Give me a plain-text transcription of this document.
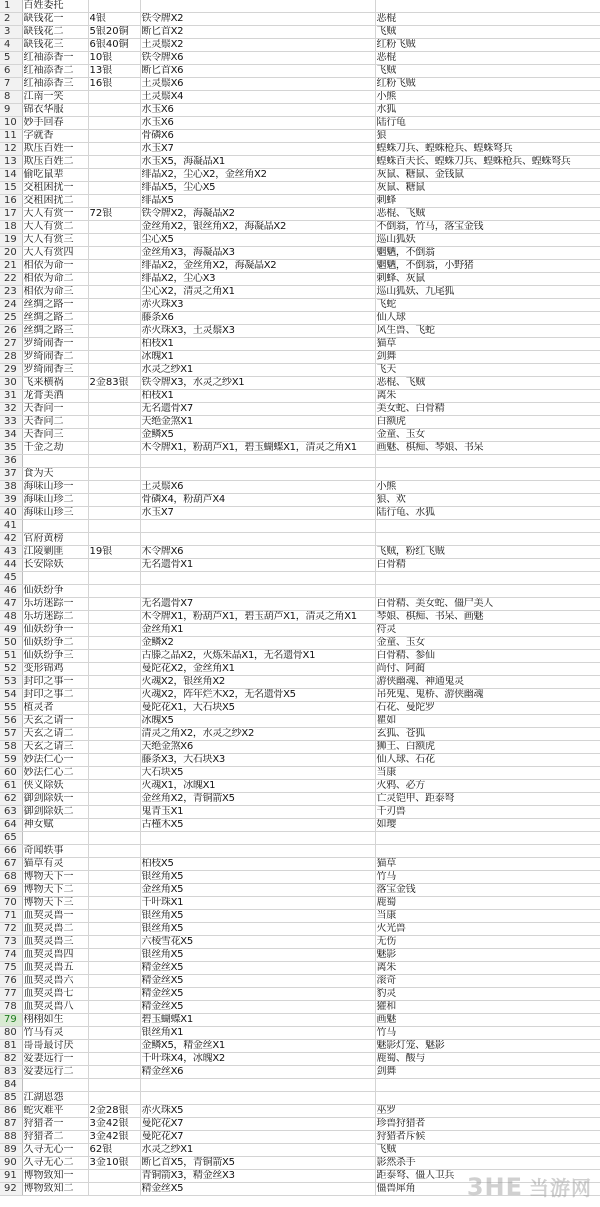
1	百姓委托			
2	缺钱花一	4银	铁令牌X2	恶棍
3	缺钱花二	5银20铜	断匕首X2	飞贼
4	缺钱花三	6银40铜	土灵鬃X2	红粉飞贼
5	红袖添香一	10银	铁令牌X6	恶棍
6	红袖添香二	13银	断匕首X6	飞贼
7	红袖添香三	16银	土灵鬃X6	红粉飞贼
8	江南一笑		土灵鬃X4	小熊
9	锦衣华服		水玉X6	水狐
10	妙手回春		水玉X6	陆行龟
11	字就香		骨磷X6	狼
12	欺压百姓一		水玉X7	蝗蛛刀兵、蝗蛛枪兵、蝗蛛弩兵
13	欺压百姓二		水玉X5，海凝晶X1	蝗蛛百夫长、蝗蛛刀兵、蝗蛛枪兵、蝗蛛弩兵
14	偷吃鼠辈		绯晶X2，尘心X2，金丝角X2	灰鼠、糖鼠、金钱鼠
15	交租困扰一		绯晶X5，尘心X5	灰鼠、糖鼠
16	交租困扰二		绯晶X5	刺蜂
17	大人有赏一	72银	铁令牌X2，海凝晶X2	恶棍、飞贼
18	大人有赏二		金丝角X2，银丝角X2，海凝晶X2	不倒翁，竹马，落宝金钱
19	大人有赏三		尘心X5	巡山狐妖
20	大人有赏四		金丝角X3，海凝晶X3	魍魉，不倒翁
21	相依为命一		绯晶X2，金丝角X2，海凝晶X2	魍魉，不倒翁，小野猪
22	相依为命二		绯晶X2，尘心X3	刺蜂、灰鼠
23	相依为命三		尘心X2，清灵之角X1	巡山狐妖、九尾狐
24	丝绸之路一		赤火珠X3	飞蛇
25	丝绸之路二		藤条X6	仙人球
26	丝绸之路三		赤火珠X3，土灵鬃X3	风生兽、飞蛇
27	罗绮闹香一		柏枝X1	猫草
28	罗绮闹香二		冰魄X1	剑舞
29	罗绮闹香三		水灵之纱X1	飞天
30	飞来横祸	2金83银	铁令牌X3，水灵之纱X1	恶棍、飞贼
31	龙膏美酒		柏枝X1	离朱
32	天香问一		无名遗骨X7	美女蛇、白骨精
33	天香问二		天绝金煞X1	白额虎
34	天香问三		金鳞X5	金童、玉女
35	千金之劫		木令牌X1，粉葫芦X1，碧玉蝴蝶X1，清灵之角X1	画魅、棋痴、琴娘、书呆
36				
37	食为天			
38	海味山珍一		土灵鬃X6	小熊
39	海味山珍二		骨磷X4，粉葫芦X4	狼、欢
40	海味山珍三		水玉X7	陆行龟、水狐
41				
42	官府黄榜			
43	江陵剿匪	19银	木令牌X6	飞贼，粉红飞贼
44	长安除妖		无名遗骨X1	白骨精
45				
46	仙妖纷争			
47	乐坊迷踪一		无名遗骨X7	白骨精、美女蛇、僵尸美人
48	乐坊迷踪二		木令牌X1，粉葫芦X1，碧玉葫芦X1，清灵之角X1	琴娘、棋痴、书呆、画魅
49	仙妖纷争一		金丝角X1	符灵
50	仙妖纷争二		金鳞X2	金童、玉女
51	仙妖纷争三		古滕之晶X2，火炼朱晶X1，无名遗骨X1	白骨精、参仙
52	变形锦鸡		曼陀花X2，金丝角X1	尚付、阿蔺
53	封印之事一		火魂X2，银丝角X2	游侠幽魂、神通鬼灵
54	封印之事二		火魂X2，阵年烂木X2，无名遗骨X5	吊死鬼、鬼桥、游侠幽魂
55	植灵者		曼陀花X1，大石块X5	石花、曼陀罗
56	天玄之请一		冰魄X5	瞿如
57	天玄之请二		清灵之角X2，水灵之纱X2	玄狐、苍狐
58	天玄之请三		天绝金煞X6	狮王、白额虎
59	妙法仁心一		藤条X3，大石块X3	仙人球、石花
60	妙法仁心二		大石块X5	当康
61	侠义除妖		火魂X1，冰魄X1	火鸦、必方
62	御剑除妖一		金丝角X2，青铜箭X5	亡灵铠甲、距泰弩
63	御剑除妖二		鬼青玉X1	千刃兽
64	神女赋		古槿木X5	如璎
65				
66	奇闻轶事			
67	猫草有灵		柏枝X5	猫草
68	博物天下一		银丝角X5	竹马
69	博物天下二		金丝角X5	落宝金钱
70	博物天下三		千叶珠X1	鹿蜀
71	血契灵兽一		银丝角X5	当康
72	血契灵兽二		银丝角X5	火光兽
73	血契灵兽三		六棱雪花X5	无伤
74	血契灵兽四		银丝角X5	魅影
75	血契灵兽五		精金丝X5	离朱
76	血契灵兽六		精金丝X5	滚奇
77	血契灵兽七		精金丝X5	豹灵
78	血契灵兽八		精金丝X5	獾和
79	栩栩如生		碧玉蝴蝶X1	画魅
80	竹马有灵		银丝角X1	竹马
81	哥哥最讨厌		金鳞X5，精金丝X1	魅影灯笼、魅影
82	爱妻远行一		千叶珠X4，冰魄X2	鹿蜀、酸与
83	爱妻远行二		精金丝X6	剑舞
84				
85	江湖恩怨			
86	蛇灾难平	2金28银	赤火珠X5	巫罗
87	狩猎者一	3金42银	曼陀花X7	珍兽狩猎者
88	狩猎者二	3金42银	曼陀花X7	狩猎者斥候
89	久寻无心一	62银	水灵之纱X1	飞贼
90	久寻无心二	3金10银	断匕首X5，青铜箭X5	影然杀手
91	博物致知一		青铜箭X3，精金丝X3	距泰弩、僵人卫兵
92	博物致知二		精金丝X5	僵兽犀角 3HE 当游网
